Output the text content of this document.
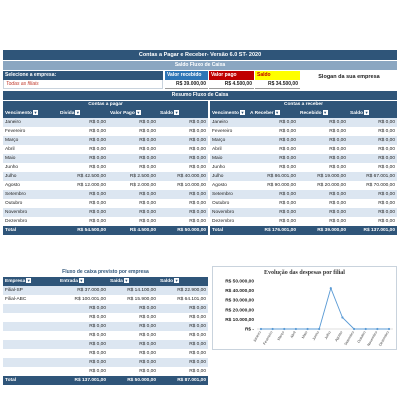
Contas a Pagar e Receber- Versão 6.0 ST- 2020
Saldo Fluxo de Caixa
Selecione a empresa:
Todas as filiais
Valor recebido	Valor pago	Saldo
R$ 39.000,00	R$ 4.500,00	R$ 34.500,00
Slogan da sua empresa
Resumo Fluxo de Caixa
Contas a pagar			
Vencimento ▼	Divida ▼	Valor Pago ▼	Saldo ▼
Janeiro	R$ 0,00	R$ 0,00	R$ 0,00
Fevereiro	R$ 0,00	R$ 0,00	R$ 0,00
Março	R$ 0,00	R$ 0,00	R$ 0,00
Abril	R$ 0,00	R$ 0,00	R$ 0,00
Maio	R$ 0,00	R$ 0,00	R$ 0,00
Junho	R$ 0,00	R$ 0,00	R$ 0,00
Julho	R$ 42.500,00	R$ 2.500,00	R$ 40.000,00
Agosto	R$ 12.000,00	R$ 2.000,00	R$ 10.000,00
Setembro	R$ 0,00	R$ 0,00	R$ 0,00
Outubro	R$ 0,00	R$ 0,00	R$ 0,00
Novembro	R$ 0,00	R$ 0,00	R$ 0,00
Dezembro	R$ 0,00	R$ 0,00	R$ 0,00
Total	R$ 54.500,00	R$ 4.500,00	R$ 50.000,00
Contas a receber			
Vencimento ▼	A Receber ▼	Recebido ▼	Saldo ▼
Janeiro	R$ 0,00	R$ 0,00	R$ 0,00
Fevereiro	R$ 0,00	R$ 0,00	R$ 0,00
Março	R$ 0,00	R$ 0,00	R$ 0,00
Abril	R$ 0,00	R$ 0,00	R$ 0,00
Maio	R$ 0,00	R$ 0,00	R$ 0,00
Junho	R$ 0,00	R$ 0,00	R$ 0,00
Julho	R$ 86.001,00	R$ 19.000,00	R$ 67.001,00
Agosto	R$ 90.000,00	R$ 20.000,00	R$ 70.000,00
Setembro	R$ 0,00	R$ 0,00	R$ 0,00
Outubro	R$ 0,00	R$ 0,00	R$ 0,00
Novembro	R$ 0,00	R$ 0,00	R$ 0,00
Dezembro	R$ 0,00	R$ 0,00	R$ 0,00
Total	R$ 176.001,00	R$ 39.000,00	R$ 137.001,00
Fluxo de caixa previsto por empresa
Empresa ▼	Entrada ▼	Saída ▼	Saldo ▼
Filial-SP	R$ 37.000,00	R$ 14.100,00	R$ 22.900,00
Filial-ABC	R$ 100.001,00	R$ 15.900,00	R$ 64.101,00
	R$ 0,00	R$ 0,00	R$ 0,00
	R$ 0,00	R$ 0,00	R$ 0,00
	R$ 0,00	R$ 0,00	R$ 0,00
	R$ 0,00	R$ 0,00	R$ 0,00
	R$ 0,00	R$ 0,00	R$ 0,00
	R$ 0,00	R$ 0,00	R$ 0,00
	R$ 0,00	R$ 0,00	R$ 0,00
	R$ 0,00	R$ 0,00	R$ 0,00
Total	R$ 137.001,00	R$ 50.000,00	R$ 87.001,00
Evolução das despesas por filial
R$ -
R$ 10.000,00
R$ 20.000,00
R$ 30.000,00
R$ 40.000,00
R$ 50.000,00
Janeiro Fevereiro Março Abril Maio Junho Julho Agosto Setembro Outubro Novembro Dezembro
